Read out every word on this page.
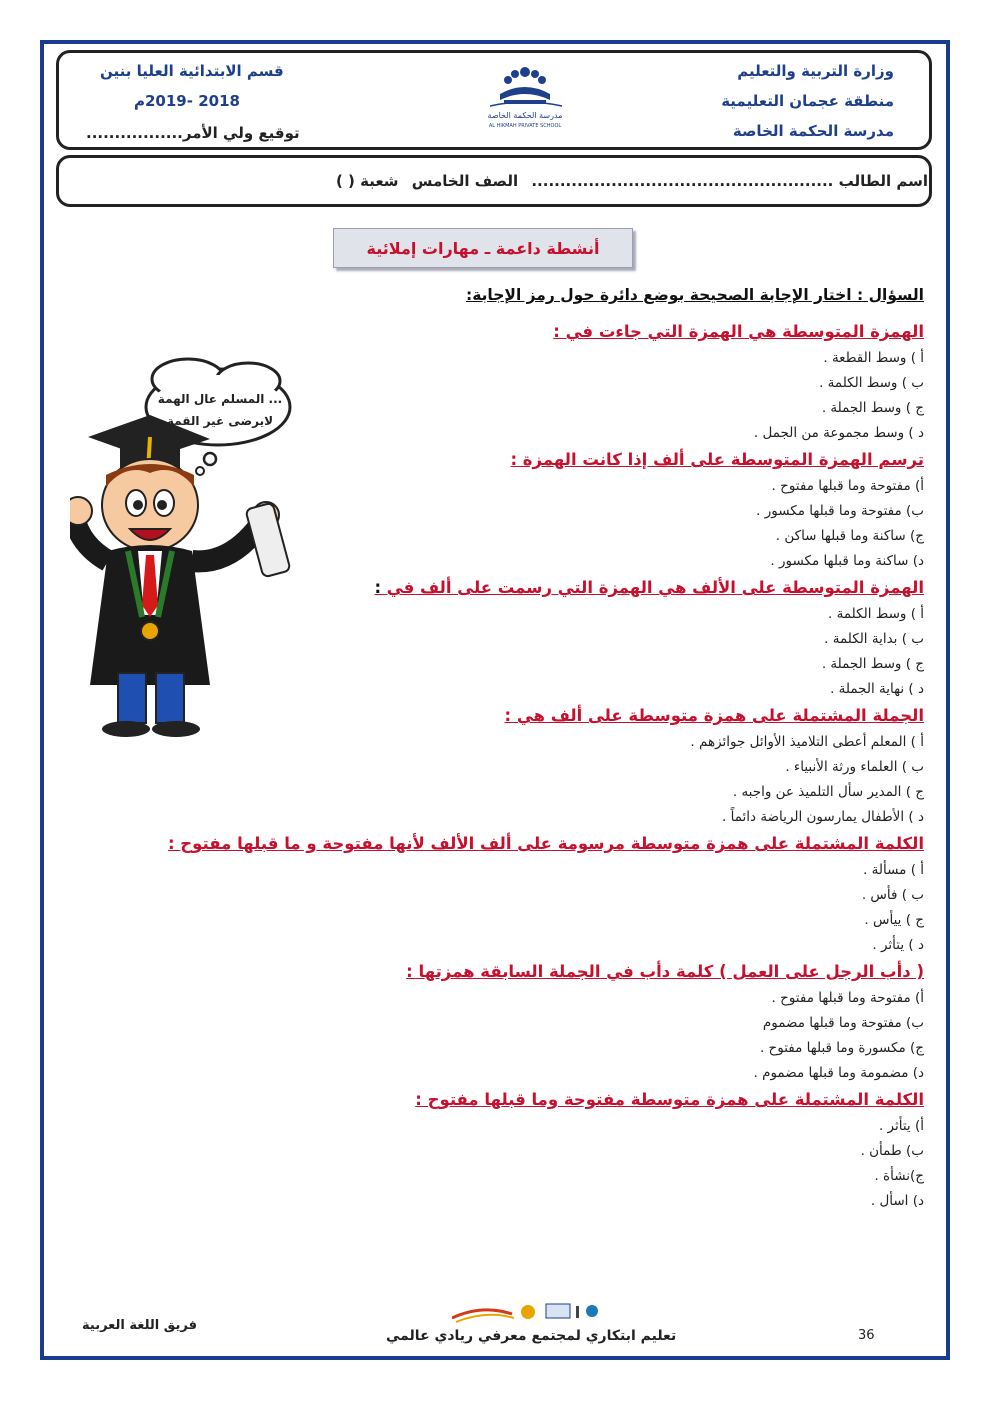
وزارة التربية والتعليم
منطقة عجمان التعليمية
مدرسة الحكمة الخاصة
قسم الابتدائية العليا بنين
2018 -2019م
توقيع ولي الأمر.................
مدرسة الحكمة الخاصة
AL HIKMAH PRIVATE SCHOOL
اسم الطالب ..................................................... الصف الخامس شعبة ( )
أنشطة داعمة ـ مهارات إملائية
السؤال : اختار الإجابة الصحيحة بوضع دائرة حول رمز الإجابة:
المسلم عال الهمة ...
لايرضى غير القمة
الهمزة المتوسطة هي الهمزة التي جاءت في :
أ ) وسط القطعة .
ب ) وسط الكلمة .
ج ) وسط الجملة .
د ) وسط مجموعة من الجمل .
ترسم الهمزة المتوسطة على ألف إذا كانت الهمزة :
أ) مفتوحة وما قبلها مفتوح .
ب) مفتوحة وما قبلها مكسور .
ج) ساكنة وما قبلها ساكن .
د) ساكنة وما قبلها مكسور .
الهمزة المتوسطة على الألف هي الهمزة التي رسمت على ألف في :
أ ) وسط الكلمة .
ب ) بداية الكلمة .
ج ) وسط الجملة .
د ) نهاية الجملة .
الجملة المشتملة على همزة متوسطة على ألف هي :
أ ) المعلم أعطى التلاميذ الأوائل جوائزهم .
ب ) العلماء ورثة الأنبياء .
ج ) المدير سأل التلميذ عن واجبه .
د ) الأطفال يمارسون الرياضة دائماً .
الكلمة المشتملة على همزة متوسطة مرسومة على ألف الألف لأنها مفتوحة و ما قبلها مفتوح :
أ ) مسألة .
ب ) فأس .
ج ) ييأس .
د ) يتأثر .
( دأب الرجل على العمل ) كلمة دأب في الجملة السابقة همزتها :
أ) مفتوحة وما قبلها مفتوح .
ب) مفتوحة وما قبلها مضموم
ج) مكسورة وما قبلها مفتوح .
د) مضمومة وما قبلها مضموم .
الكلمة المشتملة على همزة متوسطة مفتوحة وما قبلها مفتوح :
أ) يتأثر .
ب) طمأن .
ج)نشأة .
د) اسأل .
فريق اللغة العربية
تعليم ابتكاري لمجتمع معرفي ريادي عالمي	36
